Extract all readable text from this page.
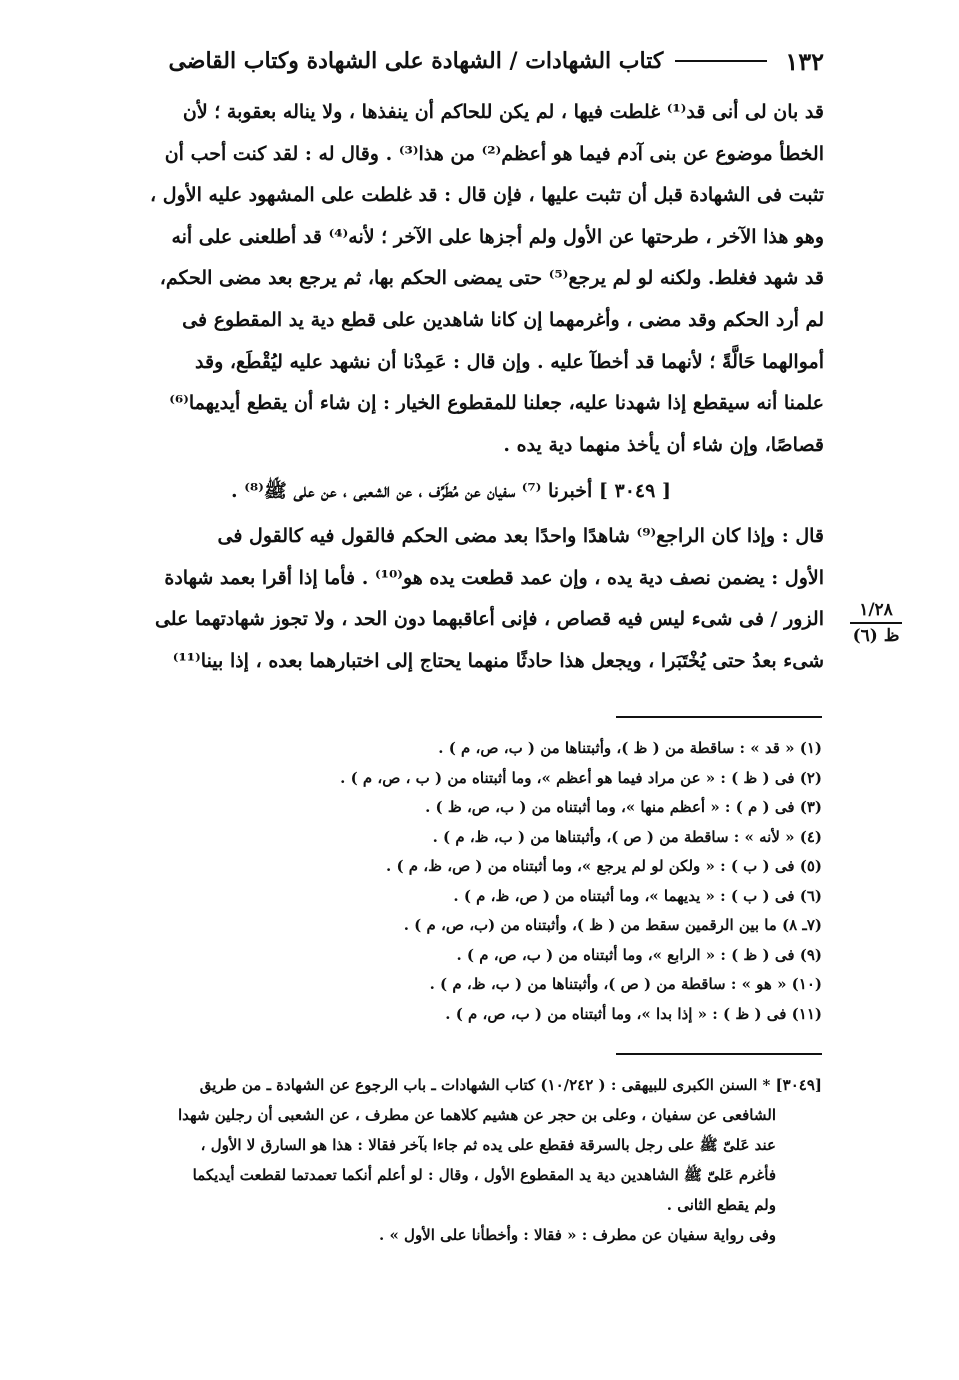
١٣٢
كتاب الشهادات / الشهادة على الشهادة وكتاب القاضى

قد بان لى أنى قد⁽¹⁾ غلطت فيها ، لم يكن للحاكم أن ينفذها ، ولا يناله بعقوبة ؛ لأن
الخطأ موضوع عن بنى آدم فيما هو أعظم⁽²⁾ من هذا⁽³⁾ . وقال له : لقد كنت أحب أن
تثبت فى الشهادة قبل أن تثبت عليها ، فإن قال : قد غلطت على المشهود عليه الأول ،
وهو هذا الآخر ، طرحتها عن الأول ولم أجزها على الآخر ؛ لأنه⁽⁴⁾ قد أطلعنى على أنه
قد شهد فغلط. ولكنه لو لم يرجع⁽⁵⁾ حتى يمضى الحكم بها، ثم يرجع بعد مضى الحكم،
لم أرد الحكم وقد مضى ، وأغرمهما إن كانا شاهدين على قطع دية يد المقطوع فى
أموالهما حَالَّةً ؛ لأنهما قد أخطآ عليه . وإن قال : عَمِدْنا أن نشهد عليه ليُقْطَع، وقد
علمنا أنه سيقطع إذا شهدنا عليه، جعلنا للمقطوع الخيار : إن شاء أن يقطع أيديهما⁽⁶⁾
قصاصًا، وإن شاء أن يأخذ منهما دية يده .

[ ٣٠٤٩ ] أخبرنا ⁽⁷⁾ سفيان عن مُطَرِّف ، عن الشعبى ، عن على ﷺ⁽⁸⁾ .

قال : وإذا كان الراجع⁽⁹⁾ شاهدًا واحدًا بعد مضى الحكم فالقول فيه كالقول فى
الأول : يضمن نصف دية يده ، وإن عمد قطعت يده هو⁽¹⁰⁾ . فأما إذا أقرا بعمد شهادة
الزور / فى شىء ليس فيه قصاص ، فإنى أعاقبهما دون الحد ، ولا تجوز شهادتهما على
شىء بعدُ حتى يُخْتَبَرا ، ويجعل هذا حادثًا منهما يحتاج إلى اختبارهما بعده ، إذا بينا⁽¹¹⁾

١/٢٨
ظ (٦)
(١) « قد » : ساقطة من ( ظ )، وأثبتناها من ( ب، ص، م ) .
(٢) فى ( ظ ) : « عن مراد فيما هو أعظم »، وما أثبتناه من ( ب ، ص، م ) .
(٣) فى ( م ) : « أعظم منها »، وما أثبتناه من ( ب، ص، ظ ) .
(٤) « لأنه » : ساقطة من ( ص )، وأثبتناها من ( ب، ظ، م ) .
(٥) فى ( ب ) : « ولكن لو لم يرجع »، وما أثبتناه من ( ص، ظ، م ) .
(٦) فى ( ب ) : « يديهما »، وما أثبتناه من ( ص، ظ، م ) .
(٧ـ ٨) ما بين الرقمين سقط من ( ظ )، وأثبتناه من (ب، ص، م ) .
(٩) فى ( ظ ) : « الرابع »، وما أثبتناه من ( ب، ص، م ) .
(١٠) « هو » : ساقطة من ( ص )، وأثبتناها من ( ب، ظ، م ) .
(١١) فى ( ظ ) : « إذا بدا »، وما أثبتناه من ( ب، ص، م ) .
[٣٠٤٩] * السنن الكبرى للبيهقى : ( ١٠/٢٤٢) كتاب الشهادات ـ باب الرجوع عن الشهادة ـ من طريق
الشافعى عن سفيان ، وعلى بن حجر عن هشيم كلاهما عن مطرف ، عن الشعبى أن رجلين شهدا
عند عَلىّ ﷺ على رجل بالسرقة فقطع على يده ثم جاءا بآخر فقالا : هذا هو السارق لا الأول ،
فأغرم عَلىّ ﷺ الشاهدين دية يد المقطوع الأول ، وقال : لو أعلم أنكما تعمدتما لقطعت أيديكما
ولم يقطع الثانى .
وفى رواية سفيان عن مطرف : « فقالا : وأخطأنا على الأول » .
